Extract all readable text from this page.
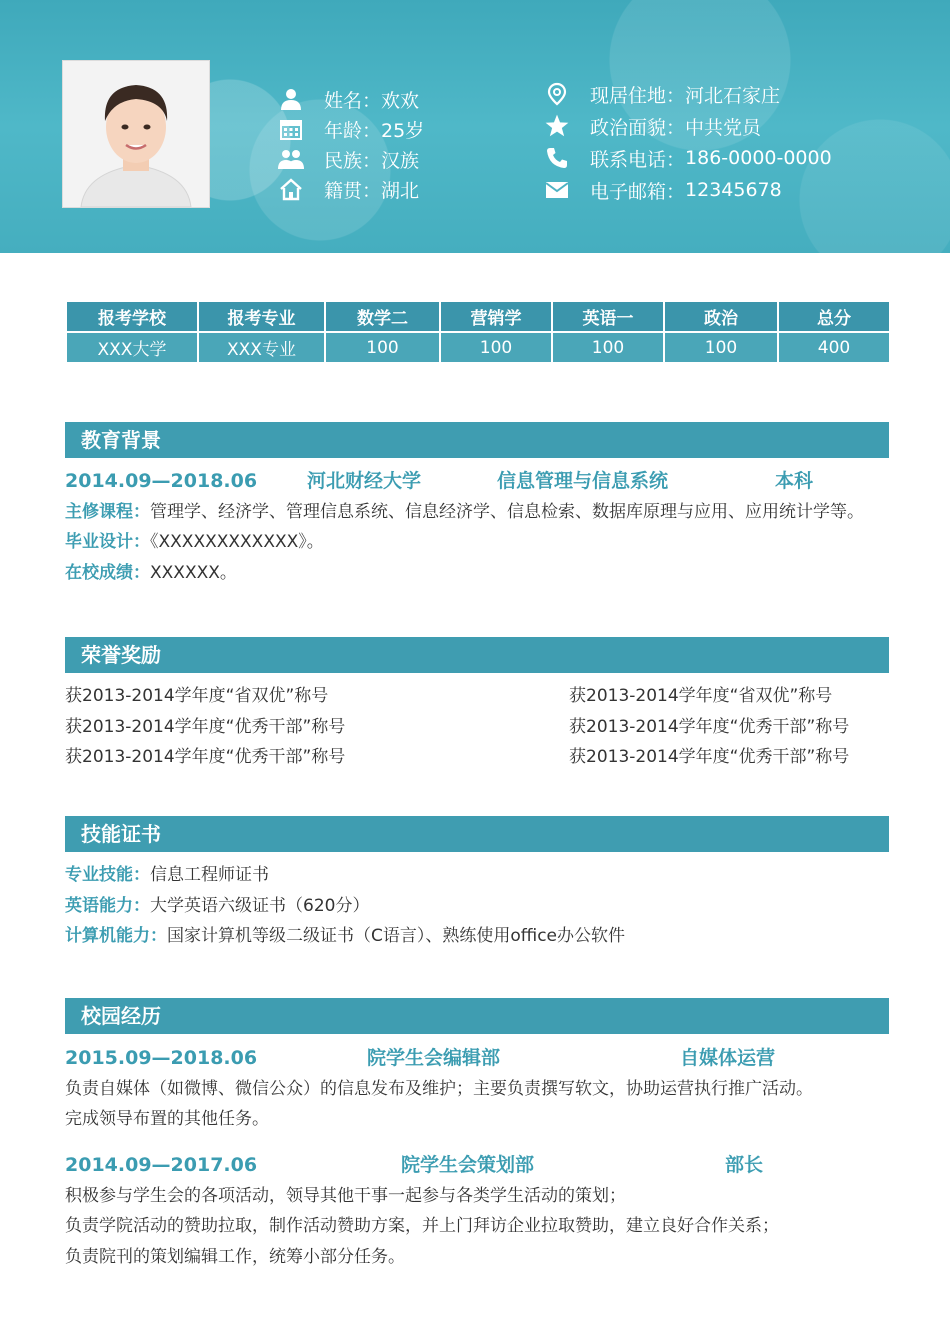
姓名： 欢欢
年龄： 25岁
民族： 汉族
籍贯： 湖北
现居住地： 河北石家庄
政治面貌： 中共党员
联系电话： 186-0000-0000
电子邮箱： 12345678
报考学校	报考专业	数学二	营销学	英语一	政治	总分
XXX大学	XXX专业	100	100	100	100	400
教育背景
2014.09—2018.06	河北财经大学	信息管理与信息系统	本科
主修课程：管理学、经济学、管理信息系统、信息经济学、信息检索、数据库原理与应用、应用统计学等。
毕业设计：《XXXXXXXXXXXX》。
在校成绩：XXXXXX。
荣誉奖励
获2013-2014学年度“省双优”称号
获2013-2014学年度“优秀干部”称号
获2013-2014学年度“优秀干部”称号
获2013-2014学年度“省双优”称号
获2013-2014学年度“优秀干部”称号
获2013-2014学年度“优秀干部”称号
技能证书
专业技能：信息工程师证书
英语能力：大学英语六级证书（620分）
计算机能力：国家计算机等级二级证书（C语言）、熟练使用office办公软件
校园经历
2015.09—2018.06	院学生会编辑部	自媒体运营
负责自媒体（如微博、微信公众）的信息发布及维护；主要负责撰写软文，协助运营执行推广活动。
完成领导布置的其他任务。
2014.09—2017.06	院学生会策划部	部长
积极参与学生会的各项活动，领导其他干事一起参与各类学生活动的策划；
负责学院活动的赞助拉取，制作活动赞助方案，并上门拜访企业拉取赞助，建立良好合作关系；
负责院刊的策划编辑工作，统筹小部分任务。
